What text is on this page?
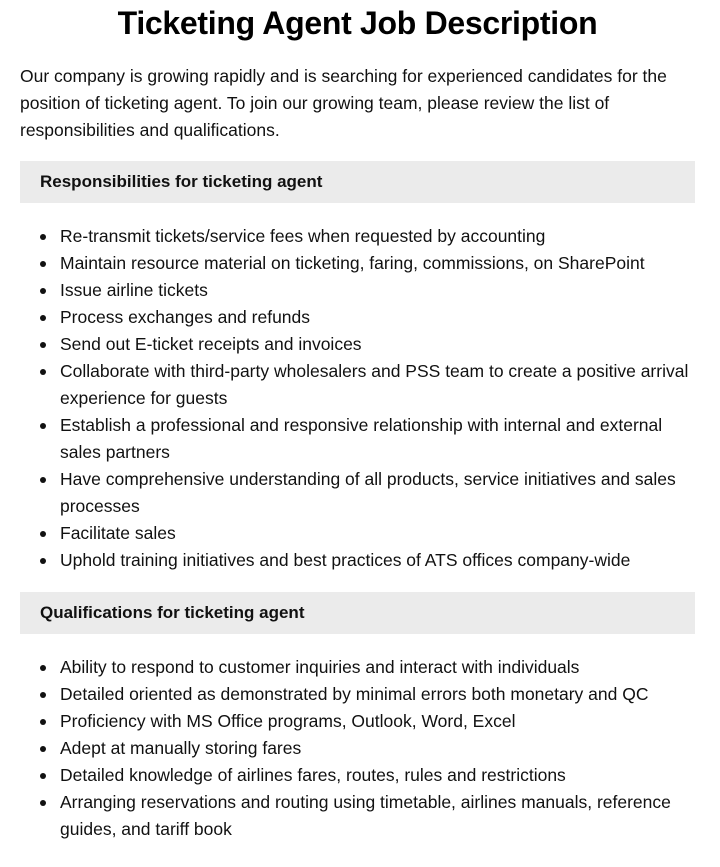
Ticketing Agent Job Description

Our company is growing rapidly and is searching for experienced candidates for the position of ticketing agent. To join our growing team, please review the list of responsibilities and qualifications.

Responsibilities for ticketing agent
Re-transmit tickets/service fees when requested by accounting
Maintain resource material on ticketing, faring, commissions, on SharePoint
Issue airline tickets
Process exchanges and refunds
Send out E-ticket receipts and invoices
Collaborate with third-party wholesalers and PSS team to create a positive arrival experience for guests
Establish a professional and responsive relationship with internal and external sales partners
Have comprehensive understanding of all products, service initiatives and sales processes
Facilitate sales
Uphold training initiatives and best practices of ATS offices company-wide
Qualifications for ticketing agent
Ability to respond to customer inquiries and interact with individuals
Detailed oriented as demonstrated by minimal errors both monetary and QC
Proficiency with MS Office programs, Outlook, Word, Excel
Adept at manually storing fares
Detailed knowledge of airlines fares, routes, rules and restrictions
Arranging reservations and routing using timetable, airlines manuals, reference guides, and tariff book
